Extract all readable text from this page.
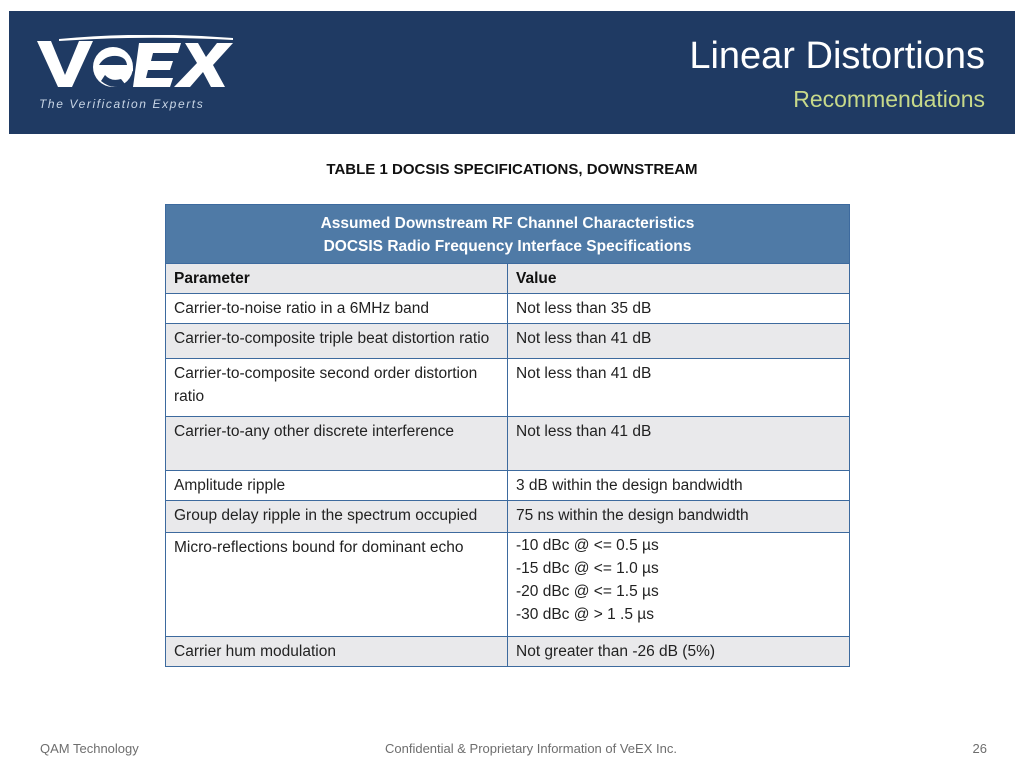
The Verification Experts
Linear Distortions
Recommendations
TABLE 1 DOCSIS SPECIFICATIONS, DOWNSTREAM
Assumed Downstream RF Channel Characteristics
DOCSIS Radio Frequency Interface Specifications	

Parameter	Value
Carrier-to-noise ratio in a 6MHz band	Not less than 35 dB
Carrier-to-composite triple beat distortion ratio	Not less than 41 dB
Carrier-to-composite second order distortion ratio	Not less than 41 dB
Carrier-to-any other discrete interference	Not less than 41 dB
Amplitude ripple	3 dB within the design bandwidth
Group delay ripple in the spectrum occupied	75 ns within the design bandwidth
Micro-reflections bound for dominant echo	-10 dBc @ <= 0.5 µs
-15 dBc @ <= 1.0 µs
-20 dBc @ <= 1.5 µs
-30 dBc @ > 1 .5 µs

Carrier hum modulation	Not greater than -26 dB (5%)
QAM Technology	Confidential & Proprietary Information of VeEX Inc.	26
